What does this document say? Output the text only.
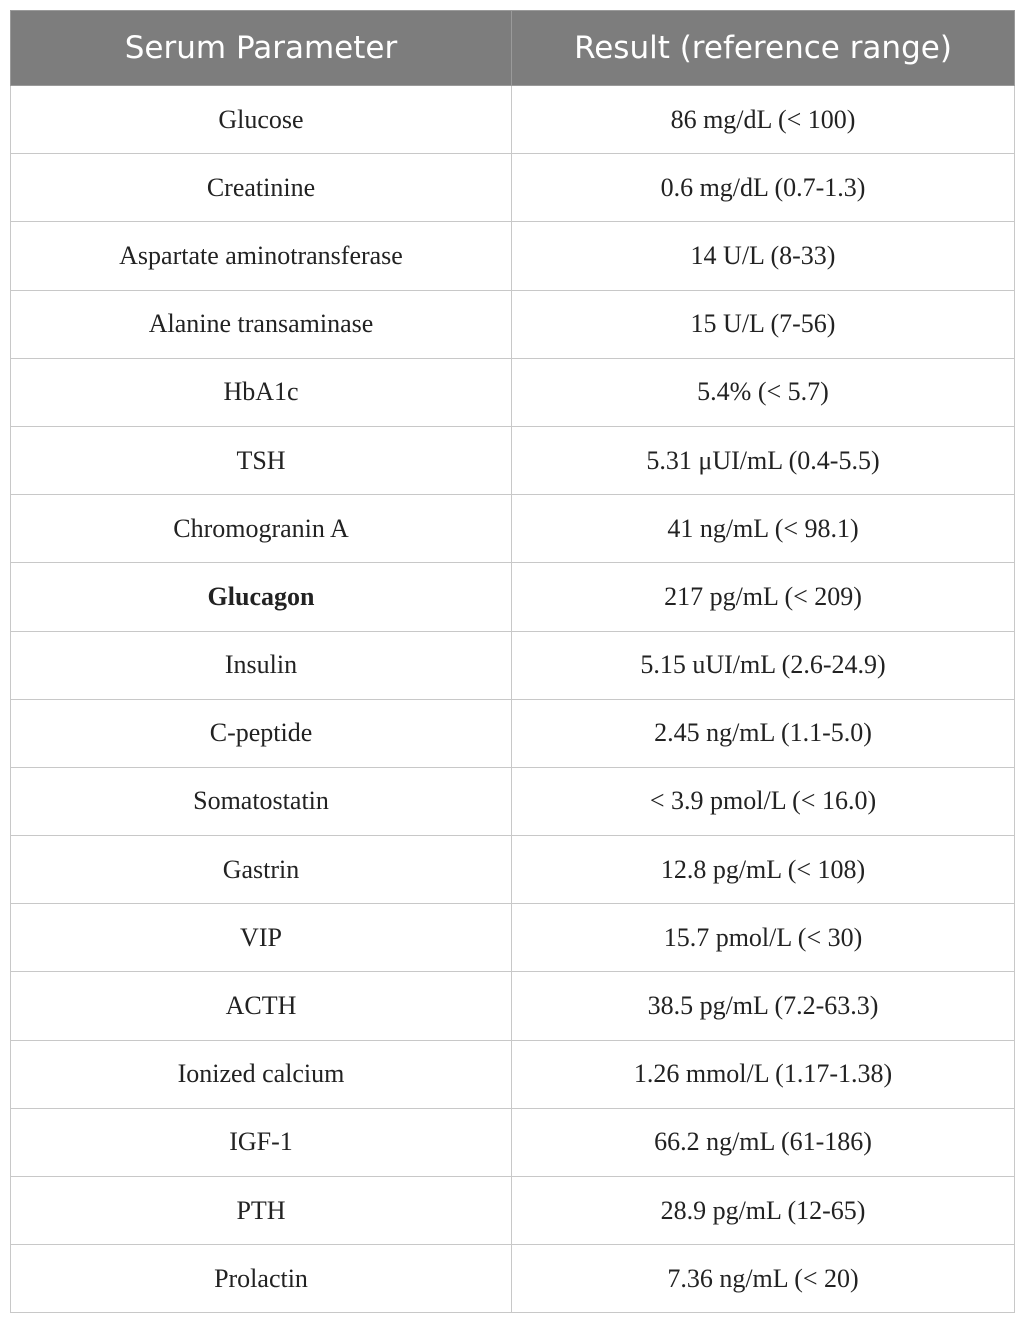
Serum Parameter	Result (reference range)
Glucose	86 mg/dL (< 100)
Creatinine	0.6 mg/dL (0.7-1.3)
Aspartate aminotransferase	14 U/L (8-33)
Alanine transaminase	15 U/L (7-56)
HbA1c	5.4% (< 5.7)
TSH	5.31 μUI/mL (0.4-5.5)
Chromogranin A	41 ng/mL (< 98.1)
Glucagon	217 pg/mL (< 209)
Insulin	5.15 uUI/mL (2.6-24.9)
C-peptide	2.45 ng/mL (1.1-5.0)
Somatostatin	< 3.9 pmol/L (< 16.0)
Gastrin	12.8 pg/mL (< 108)
VIP	15.7 pmol/L (< 30)
ACTH	38.5 pg/mL (7.2-63.3)
Ionized calcium	1.26 mmol/L (1.17-1.38)
IGF-1	66.2 ng/mL (61-186)
PTH	28.9 pg/mL (12-65)
Prolactin	7.36 ng/mL (< 20)
